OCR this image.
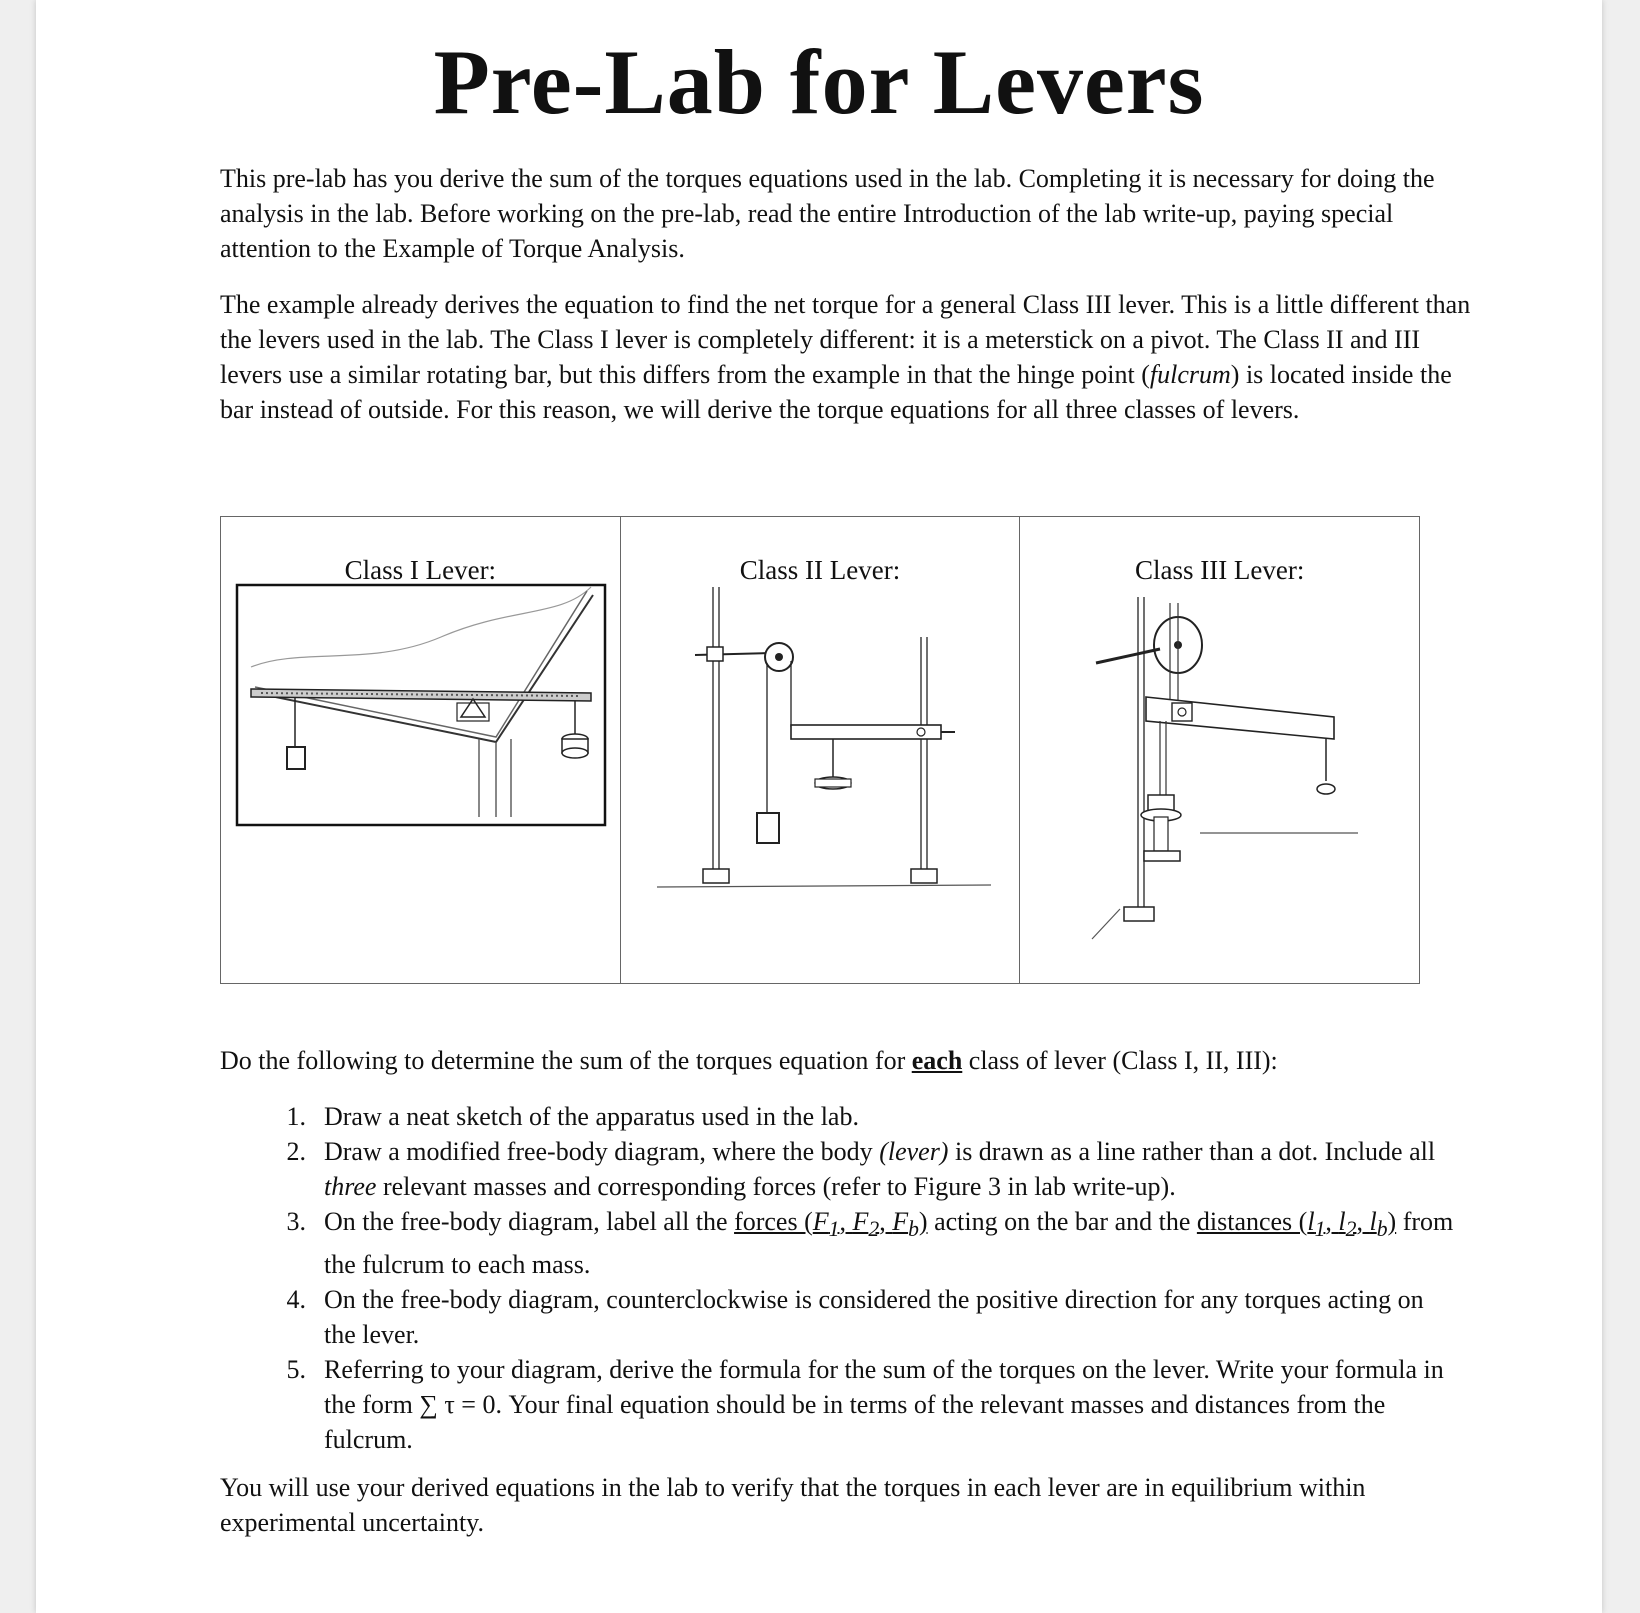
Pre-Lab for Levers

This pre-lab has you derive the sum of the torques equations used in the lab. Completing it is necessary for doing the analysis in the lab. Before working on the pre-lab, read the entire Introduction of the lab write-up, paying special attention to the Example of Torque Analysis.

The example already derives the equation to find the net torque for a general Class III lever. This is a little different than the levers used in the lab. The Class I lever is completely different: it is a meterstick on a pivot. The Class II and III levers use a similar rotating bar, but this differs from the example in that the hinge point (fulcrum) is located inside the bar instead of outside. For this reason, we will derive the torque equations for all three classes of levers.

Class I Lever:	Class II Lever:	Class III Lever:

Do the following to determine the sum of the torques equation for each class of lever (Class I, II, III):

1. Draw a neat sketch of the apparatus used in the lab.
2. Draw a modified free-body diagram, where the body (lever) is drawn as a line rather than a dot. Include all three relevant masses and corresponding forces (refer to Figure 3 in lab write-up).
3. On the free-body diagram, label all the forces ($F_1$, $F_2$, $F_b$) acting on the bar and the distances ($l_1$, $l_2$, $l_b$) from the fulcrum to each mass.
4. On the free-body diagram, counterclockwise is considered the positive direction for any torques acting on the lever.
5. Referring to your diagram, derive the formula for the sum of the torques on the lever. Write your formula in the form ∑ τ = 0. Your final equation should be in terms of the relevant masses and distances from the fulcrum.

You will use your derived equations in the lab to verify that the torques in each lever are in equilibrium within experimental uncertainty.
